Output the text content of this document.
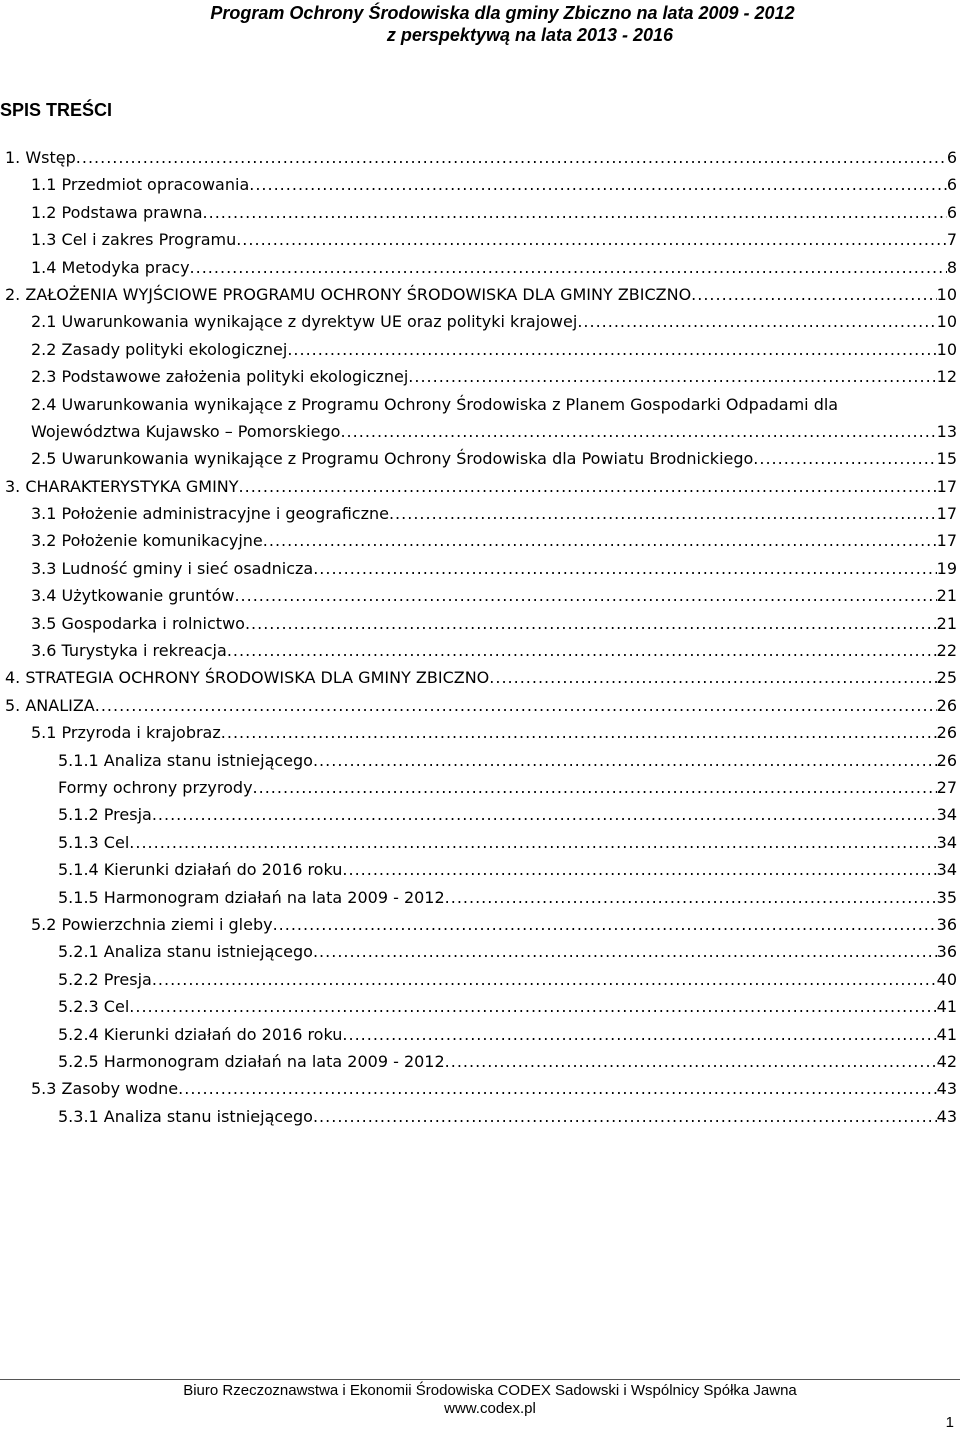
Program Ochrony Środowiska dla gminy Zbiczno na lata 2009 - 2012
z perspektywą na lata 2013 - 2016
SPIS TREŚCI
1. Wstęp .....	6
1.1 Przedmiot opracowania .....	6
1.2 Podstawa prawna .....	6
1.3 Cel i zakres Programu .....	7
1.4 Metodyka pracy .....	8
2. ZAŁOŻENIA WYJŚCIOWE PROGRAMU OCHRONY ŚRODOWISKA DLA GMINY ZBICZNO .....	10
2.1 Uwarunkowania wynikające z dyrektyw UE oraz polityki krajowej .....	10
2.2 Zasady polityki ekologicznej .....	10
2.3 Podstawowe założenia polityki ekologicznej .....	12
2.4 Uwarunkowania wynikające z Programu Ochrony Środowiska z Planem Gospodarki Odpadami dla
Województwa Kujawsko – Pomorskiego .....	13
2.5 Uwarunkowania wynikające z Programu Ochrony Środowiska dla Powiatu Brodnickiego .....	15
3. CHARAKTERYSTYKA GMINY .....	17
3.1 Położenie administracyjne i geograficzne .....	17
3.2 Położenie komunikacyjne .....	17
3.3 Ludność gminy i sieć osadnicza .....	19
3.4 Użytkowanie gruntów .....	21
3.5 Gospodarka i rolnictwo .....	21
3.6 Turystyka i rekreacja .....	22
4. STRATEGIA OCHRONY ŚRODOWISKA DLA GMINY ZBICZNO .....	25
5. ANALIZA .....	26
5.1 Przyroda i krajobraz .....	26
5.1.1 Analiza stanu istniejącego .....	26
Formy ochrony przyrody .....	27
5.1.2 Presja .....	34
5.1.3 Cel .....	34
5.1.4 Kierunki działań do 2016 roku .....	34
5.1.5 Harmonogram działań na lata 2009 - 2012 .....	35
5.2 Powierzchnia ziemi i gleby .....	36
5.2.1 Analiza stanu istniejącego .....	36
5.2.2 Presja .....	40
5.2.3 Cel .....	41
5.2.4 Kierunki działań do 2016 roku .....	41
5.2.5 Harmonogram działań na lata 2009 - 2012 .....	42
5.3 Zasoby wodne .....	43
5.3.1 Analiza stanu istniejącego .....	43
Biuro Rzeczoznawstwa i Ekonomii Środowiska CODEX Sadowski i Wspólnicy Spółka Jawna
www.codex.pl
1
